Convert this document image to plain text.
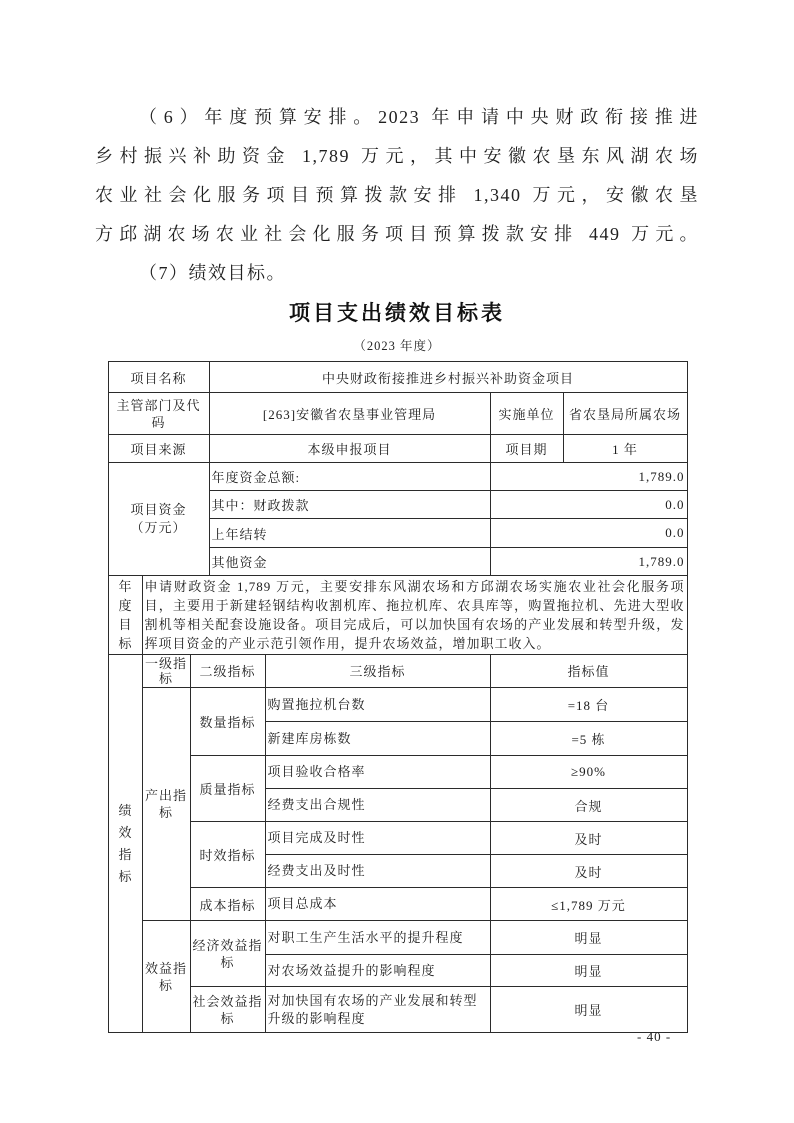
（6）年度预算安排。2023 年申请中央财政衔接推进
乡村振兴补助资金 1,789 万元，其中安徽农垦东风湖农场
农业社会化服务项目预算拨款安排 1,340 万元，安徽农垦
方邱湖农场农业社会化服务项目预算拨款安排 449 万元。
（7）绩效目标。
项目支出绩效目标表
（2023 年度）
项目名称	中央财政衔接推进乡村振兴补助资金项目		
主管部门及代码	[263]安徽省农垦事业管理局	实施单位	省农垦局所属农场
项目来源	本级申报项目	项目期	1 年
项目资金
（万元）	年度资金总额:	1,789.0
	其中：财政拨款	0.0
	上年结转	0.0
	其他资金	1,789.0
年度目标
	申请财政资金 1,789 万元，主要安排东风湖农场和方邱湖农场实施农业社会化服务项目，主要用于新建轻钢结构收割机库、拖拉机库、农具库等，购置拖拉机、先进大型收割机等相关配套设施设备。项目完成后，可以加快国有农场的产业发展和转型升级，发挥项目资金的产业示范引领作用，提升农场效益，增加职工收入。
绩效指标	一级指标	二级指标	三级指标	指标值
	产出指标	数量指标	购置拖拉机台数	=18 台
			新建库房栋数	=5 栋
		质量指标	项目验收合格率	≥90%
			经费支出合规性	合规
		时效指标	项目完成及时性	及时
			经费支出及时性	及时
		成本指标	项目总成本	≤1,789 万元
	效益指标	经济效益指标	对职工生产生活水平的提升程度	明显
			对农场效益提升的影响程度	明显
		社会效益指标	对加快国有农场的产业发展和转型升级的影响程度	明显
- 40 -
